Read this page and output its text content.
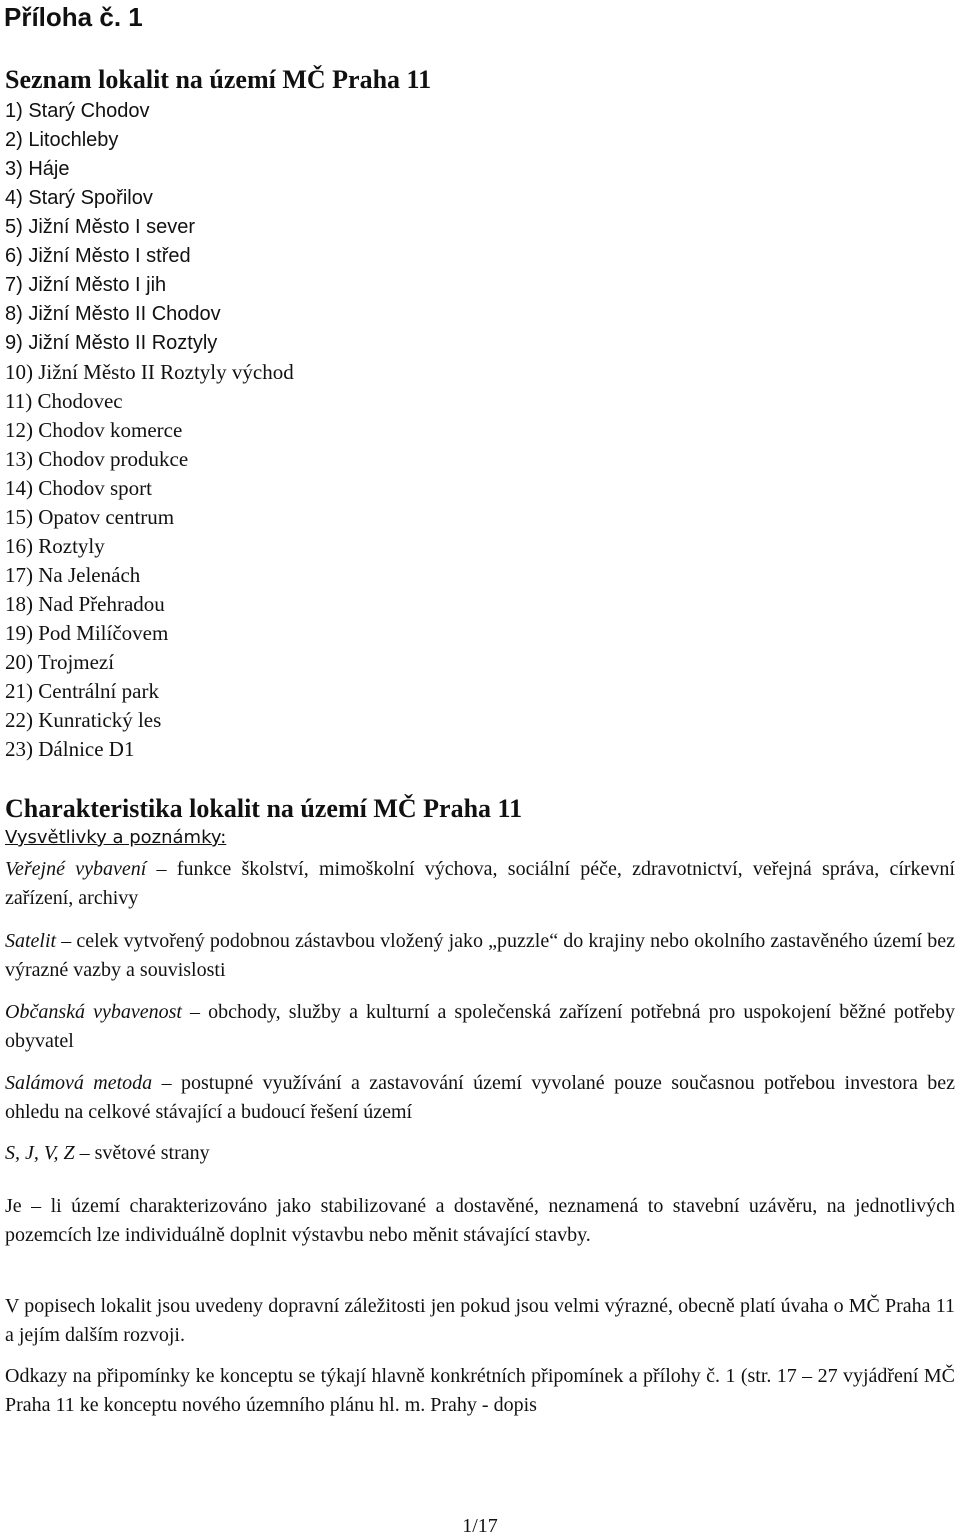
Příloha č. 1
Seznam lokalit na území MČ Praha 11
1) Starý Chodov
2) Litochleby
3) Háje
4) Starý Spořilov
5) Jižní Město I sever
6) Jižní Město I střed
7) Jižní Město I jih
8) Jižní Město II Chodov
9) Jižní Město II Roztyly
10) Jižní Město II Roztyly východ
11) Chodovec
12) Chodov komerce
13) Chodov produkce
14) Chodov sport
15) Opatov centrum
16) Roztyly
17) Na Jelenách
18) Nad Přehradou
19) Pod Milíčovem
20) Trojmezí
21) Centrální park
22) Kunratický les
23) Dálnice D1
Charakteristika lokalit na území MČ Praha 11

Vysvětlivky a poznámky:

Veřejné vybavení – funkce školství, mimoškolní výchova, sociální péče, zdravotnictví, veřejná správa, církevní zařízení, archivy

Satelit – celek vytvořený podobnou zástavbou vložený jako „puzzle“ do krajiny nebo okolního zastavěného území bez výrazné vazby a souvislosti

Občanská vybavenost – obchody, služby a kulturní a společenská zařízení potřebná pro uspokojení běžné potřeby obyvatel

Salámová metoda – postupné využívání a zastavování území vyvolané pouze současnou potřebou investora bez ohledu na celkové stávající a budoucí řešení území

S, J, V, Z – světové strany

Je – li území charakterizováno jako stabilizované a dostavěné, neznamená to stavební uzávěru, na jednotlivých pozemcích lze individuálně doplnit výstavbu nebo měnit stávající stavby.

V popisech lokalit jsou uvedeny dopravní záležitosti jen pokud jsou velmi výrazné, obecně platí úvaha o MČ Praha 11 a jejím dalším rozvoji.

Odkazy na připomínky ke konceptu se týkají hlavně konkrétních připomínek a přílohy č. 1 (str. 17 – 27 vyjádření MČ Praha 11 ke konceptu nového územního plánu hl. m. Prahy - dopis

1/17
